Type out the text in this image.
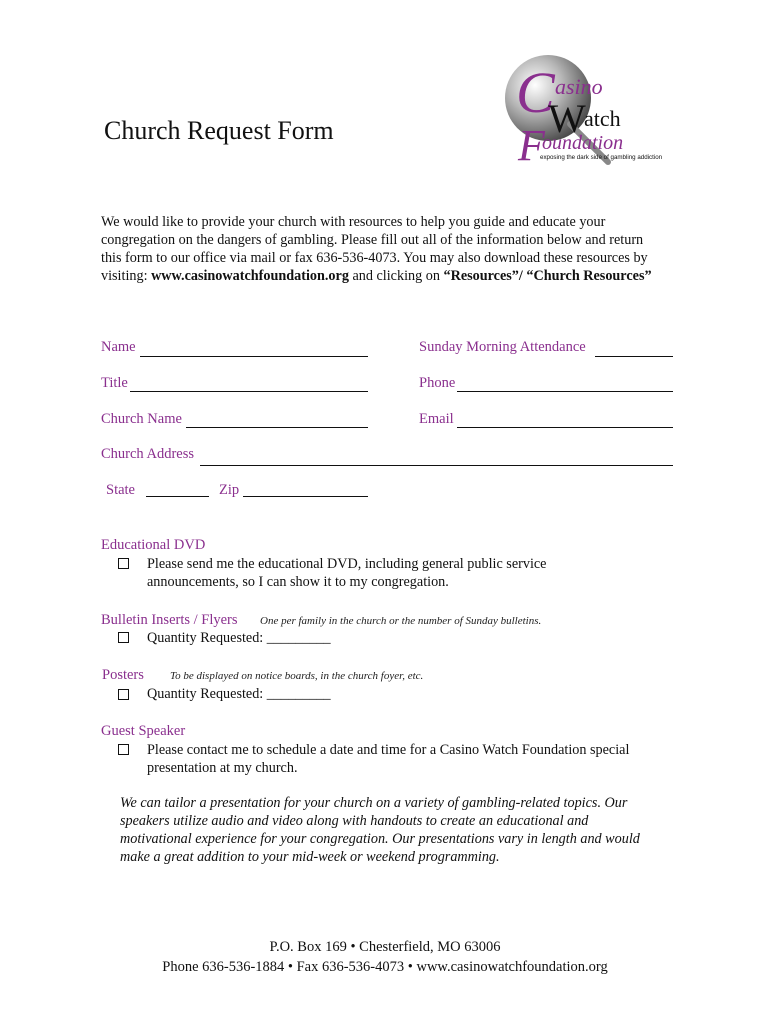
Church Request Form
C asino
W
atch
F
oundation
exposing the dark side of gambling addiction
We would like to provide your church with resources to help you guide and educate your congregation on the dangers of gambling. Please fill out all of the information below and return this form to our office via mail or fax 636-536-4073. You may also download these resources by visiting: www.casinowatchfoundation.org and clicking on “Resources”/ “Church Resources”
Name	Sunday Morning Attendance
Title	Phone
Church Name	Email
Church Address
State	Zip
Educational DVD
Please send me the educational DVD, including general public service announcements, so I can show it to my congregation.
Bulletin Inserts / Flyers One per family in the church or the number of Sunday bulletins.
Quantity Requested: _________
Posters To be displayed on notice boards, in the church foyer, etc.
Quantity Requested: _________
Guest Speaker
Please contact me to schedule a date and time for a Casino Watch Foundation special presentation at my church.
We can tailor a presentation for your church on a variety of gambling-related topics. Our speakers utilize audio and video along with handouts to create an educational and motivational experience for your congregation. Our presentations vary in length and would make a great addition to your mid-week or weekend programming.
P.O. Box 169 • Chesterfield, MO 63006
Phone 636-536-1884 • Fax 636-536-4073 • www.casinowatchfoundation.org
